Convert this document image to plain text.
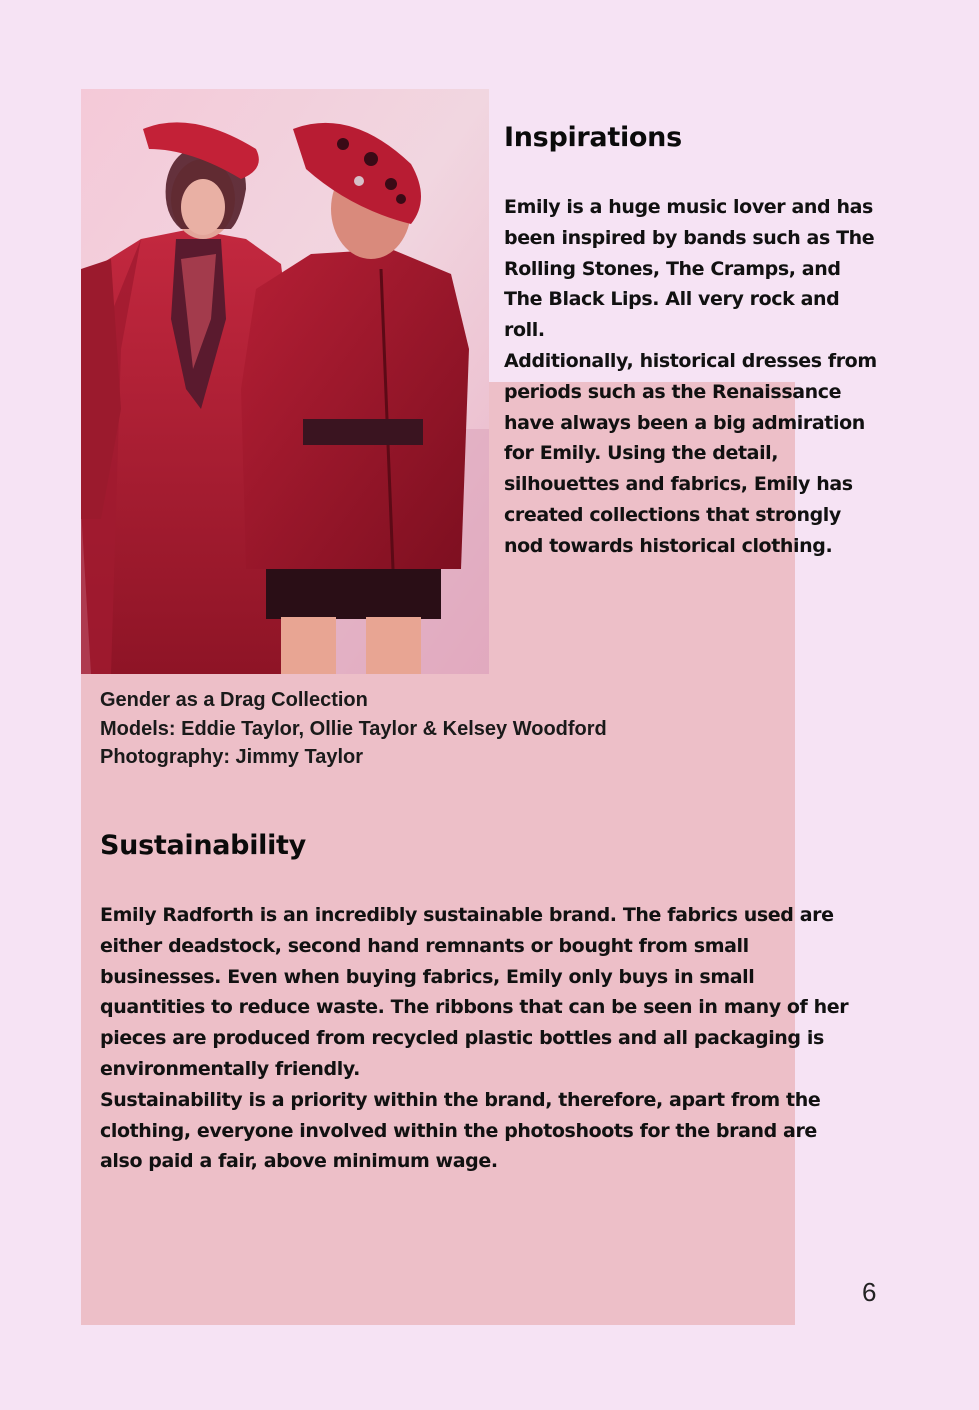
Inspirations
Emily is a huge music lover and has been inspired by bands such as The Rolling Stones, The Cramps, and The Black Lips. All very rock and roll.
Additionally, historical dresses from periods such as the Renaissance have always been a big admiration for Emily. Using the detail, silhouettes and fabrics, Emily has created collections that strongly nod towards historical clothing.
Gender as a Drag Collection
Models: Eddie Taylor, Ollie Taylor & Kelsey Woodford
Photography: Jimmy Taylor
Sustainability
Emily Radforth is an incredibly sustainable brand. The fabrics used are either deadstock, second hand remnants or bought from small businesses. Even when buying fabrics, Emily only buys in small quantities to reduce waste. The ribbons that can be seen in many of her pieces are produced from recycled plastic bottles and all packaging is environmentally friendly.
Sustainability is a priority within the brand, therefore, apart from the clothing, everyone involved within the photoshoots for the brand are also paid a fair, above minimum wage.
6
